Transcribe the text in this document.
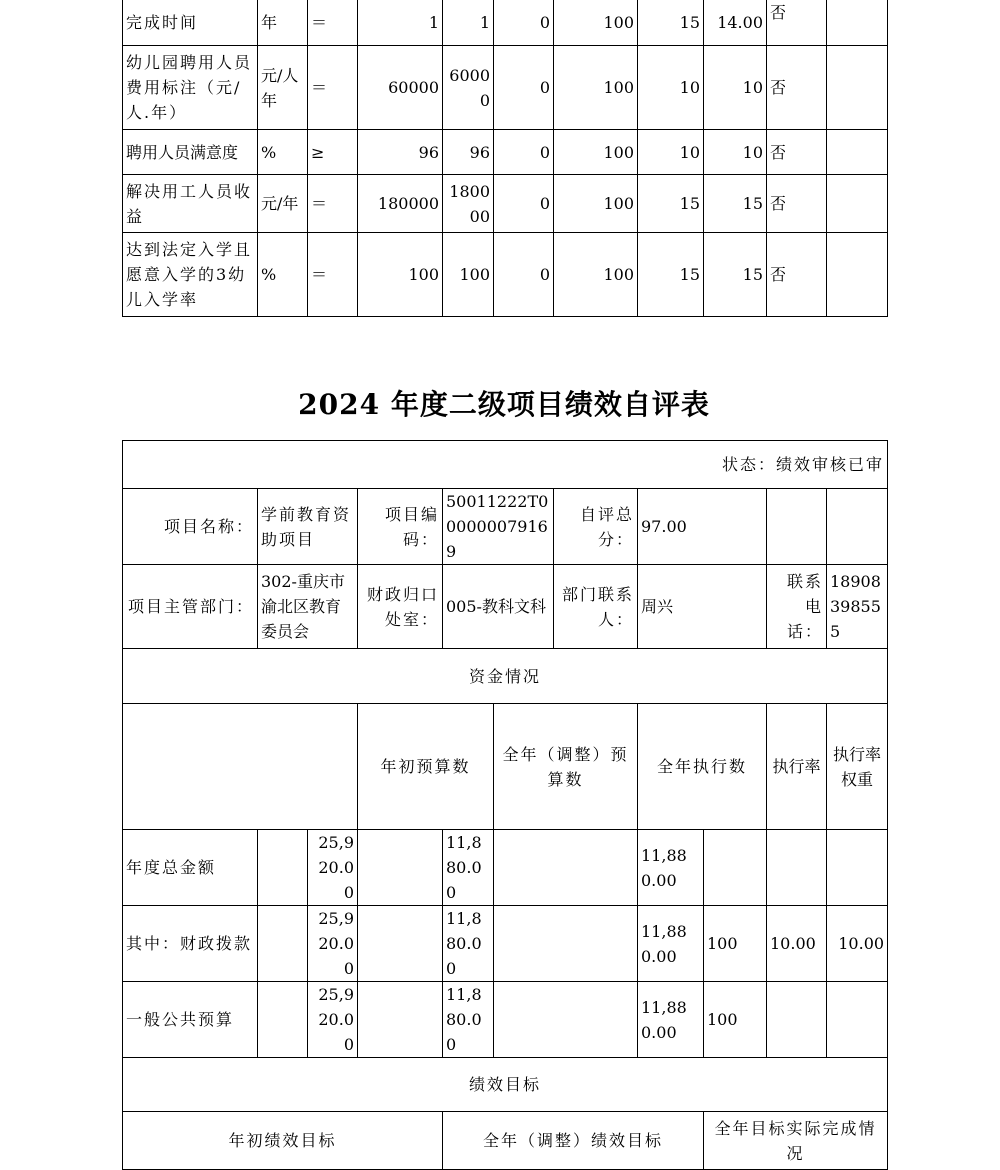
完成时间	年	＝	1	1	0	100	15	14.00	否	
幼儿园聘用人员费用标注（元/人.年）	元/人年	＝	60000	60000	0	100	10	10	否	
聘用人员满意度	%	≥	96	96	0	100	10	10	否	
解决用工人员收益	元/年	＝	180000	180000	0	100	15	15	否	
达到法定入学且愿意入学的3幼儿入学率	%	＝	100	100	0	100	15	15	否	
2024 年度二级项目绩效自评表
状态：绩效审核已审											
项目名称：	学前教育资助项目		项目编码：	50011222T000000079169		自评总分：	97.00				
项目主管部门：	302-重庆市渝北区教育委员会		财政归口处室：	005-教科文科		部门联系人：	周兴		联系电话：	18908398555	
资金情况											
			年初预算数		全年（调整）预算数		全年执行数		执行率	执行率权重	
年度总金额		25,920.00		11,880.00			11,880.00				
其中：财政拨款		25,920.00		11,880.00			11,880.00	100	10.00	10.00	
一般公共预算		25,920.00		11,880.00			11,880.00	100			
绩效目标											
年初绩效目标				全年（调整）绩效目标				全年目标实际完成情况			
